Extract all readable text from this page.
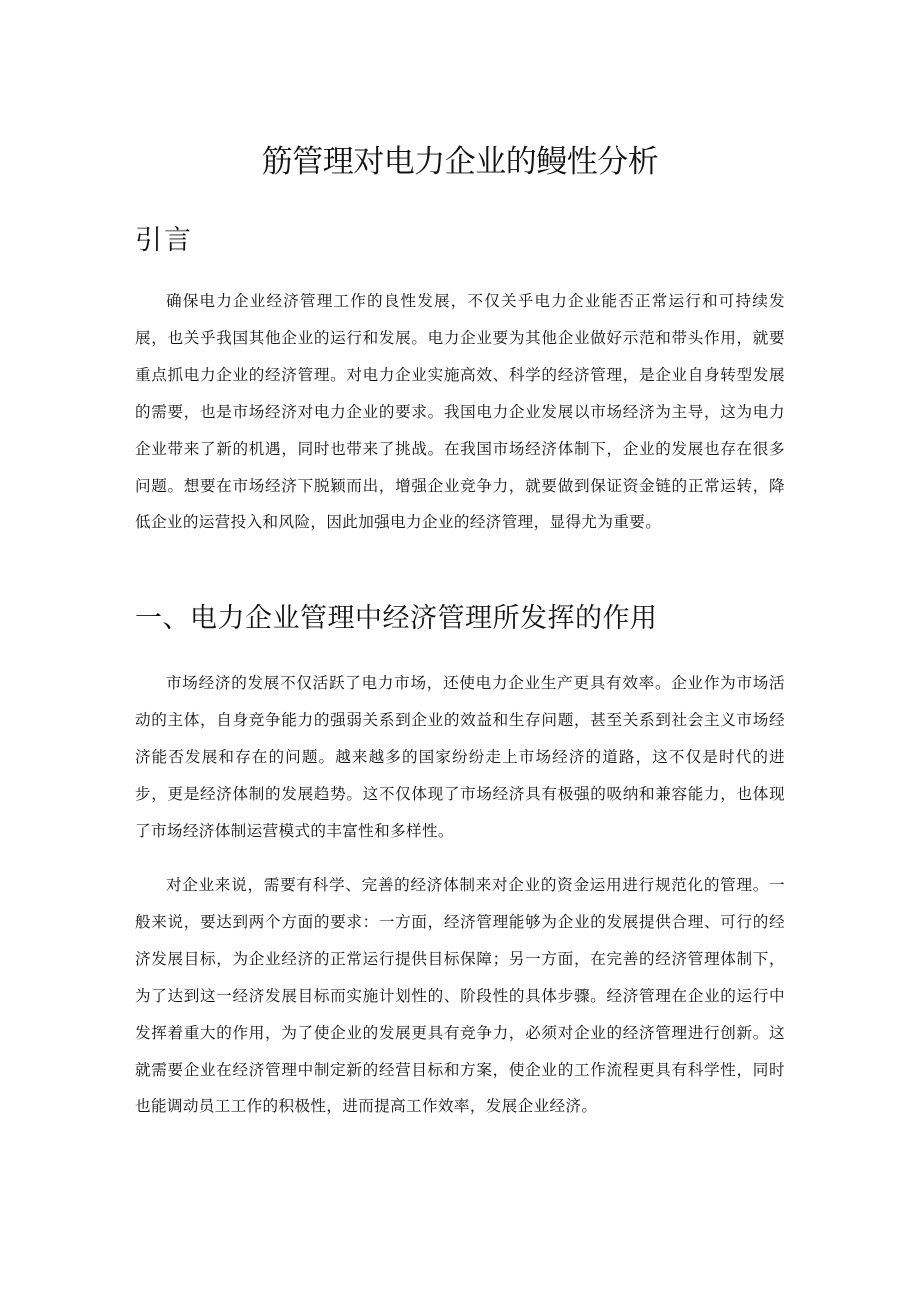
筋管理对电力企业的鳗性分析
引言

确保电力企业经济管理工作的良性发展，不仅关乎电力企业能否正常运行和可持续发展，也关乎我国其他企业的运行和发展。电力企业要为其他企业做好示范和带头作用，就要重点抓电力企业的经济管理。对电力企业实施高效、科学的经济管理，是企业自身转型发展的需要，也是市场经济对电力企业的要求。我国电力企业发展以市场经济为主导，这为电力企业带来了新的机遇，同时也带来了挑战。在我国市场经济体制下，企业的发展也存在很多问题。想要在市场经济下脱颖而出，增强企业竞争力，就要做到保证资金链的正常运转，降低企业的运营投入和风险，因此加强电力企业的经济管理，显得尤为重要。

一、电力企业管理中经济管理所发挥的作用

市场经济的发展不仅活跃了电力市场，还使电力企业生产更具有效率。企业作为市场活动的主体，自身竞争能力的强弱关系到企业的效益和生存问题，甚至关系到社会主义市场经济能否发展和存在的问题。越来越多的国家纷纷走上市场经济的道路，这不仅是时代的进步，更是经济体制的发展趋势。这不仅体现了市场经济具有极强的吸纳和兼容能力，也体现了市场经济体制运营模式的丰富性和多样性。

对企业来说，需要有科学、完善的经济体制来对企业的资金运用进行规范化的管理。一般来说，要达到两个方面的要求：一方面，经济管理能够为企业的发展提供合理、可行的经济发展目标，为企业经济的正常运行提供目标保障；另一方面，在完善的经济管理体制下，为了达到这一经济发展目标而实施计划性的、阶段性的具体步骤。经济管理在企业的运行中发挥着重大的作用，为了使企业的发展更具有竞争力，必须对企业的经济管理进行创新。这就需要企业在经济管理中制定新的经营目标和方案，使企业的工作流程更具有科学性，同时也能调动员工工作的积极性，进而提高工作效率，发展企业经济。
